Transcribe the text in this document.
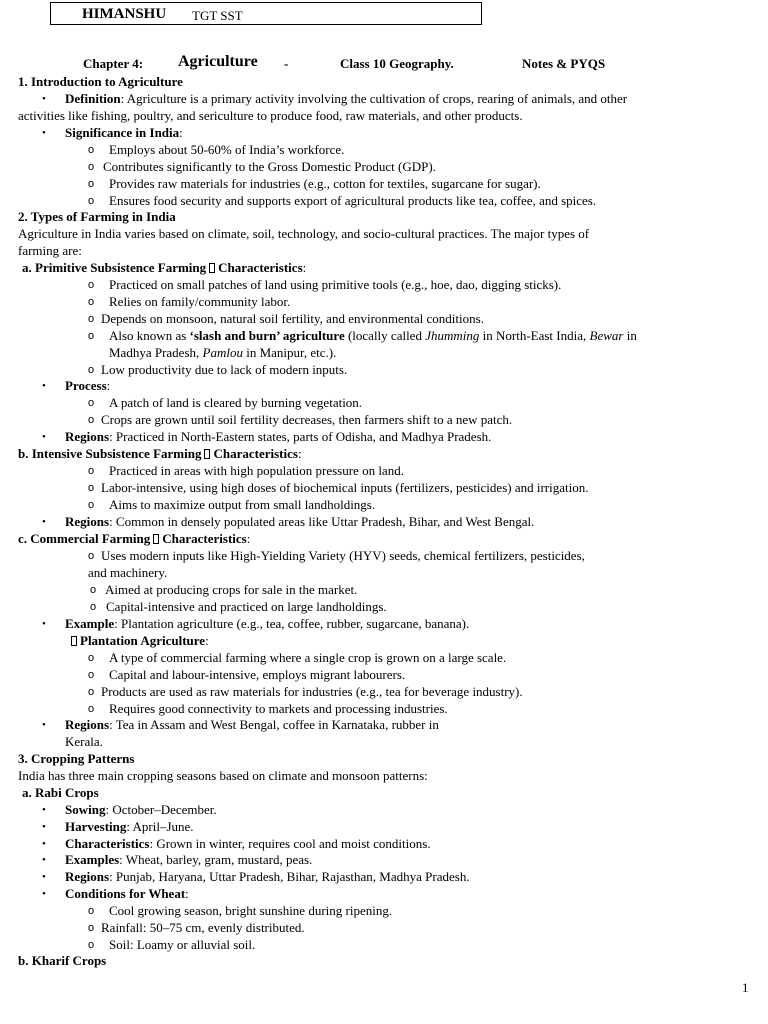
HIMANSHU TGT SST
Chapter 4: Agriculture -	Class 10 Geography.	Notes & PYQS
1. Introduction to Agriculture
• Definition: Agriculture is a primary activity involving the cultivation of crops, rearing of animals, and other
activities like fishing, poultry, and sericulture to produce food, raw materials, and other products.
• Significance in India:
o Employs about 50-60% of India’s workforce.
o Contributes significantly to the Gross Domestic Product (GDP).
o Provides raw materials for industries (e.g., cotton for textiles, sugarcane for sugar).
o Ensures food security and supports export of agricultural products like tea, coffee, and spices.
2. Types of Farming in India
Agriculture in India varies based on climate, soil, technology, and socio-cultural practices. The major types of
farming are:
a. Primitive Subsistence Farming Characteristics:
o Practiced on small patches of land using primitive tools (e.g., hoe, dao, digging sticks).
o Relies on family/community labor.
o Depends on monsoon, natural soil fertility, and environmental conditions.
o Also known as ‘slash and burn’ agriculture (locally called Jhumming in North-East India, Bewar in
Madhya Pradesh, Pamlou in Manipur, etc.).
o Low productivity due to lack of modern inputs.
• Process:
o A patch of land is cleared by burning vegetation.
o Crops are grown until soil fertility decreases, then farmers shift to a new patch.
• Regions: Practiced in North-Eastern states, parts of Odisha, and Madhya Pradesh.
b. Intensive Subsistence Farming Characteristics:
o Practiced in areas with high population pressure on land.
o Labor-intensive, using high doses of biochemical inputs (fertilizers, pesticides) and irrigation.
o Aims to maximize output from small landholdings.
• Regions: Common in densely populated areas like Uttar Pradesh, Bihar, and West Bengal.
c. Commercial Farming Characteristics:
o Uses modern inputs like High-Yielding Variety (HYV) seeds, chemical fertilizers, pesticides,
and machinery.
o Aimed at producing crops for sale in the market.
o Capital-intensive and practiced on large landholdings.
• Example: Plantation agriculture (e.g., tea, coffee, rubber, sugarcane, banana).
Plantation Agriculture:
o A type of commercial farming where a single crop is grown on a large scale.
o Capital and labour-intensive, employs migrant labourers.
o Products are used as raw materials for industries (e.g., tea for beverage industry).
o Requires good connectivity to markets and processing industries.
• Regions: Tea in Assam and West Bengal, coffee in Karnataka, rubber in
Kerala.
3. Cropping Patterns
India has three main cropping seasons based on climate and monsoon patterns:
a. Rabi Crops
• Sowing: October–December.
• Harvesting: April–June.
• Characteristics: Grown in winter, requires cool and moist conditions.
• Examples: Wheat, barley, gram, mustard, peas.
• Regions: Punjab, Haryana, Uttar Pradesh, Bihar, Rajasthan, Madhya Pradesh.
• Conditions for Wheat:
o Cool growing season, bright sunshine during ripening.
o Rainfall: 50–75 cm, evenly distributed.
o Soil: Loamy or alluvial soil.
b. Kharif Crops
1
